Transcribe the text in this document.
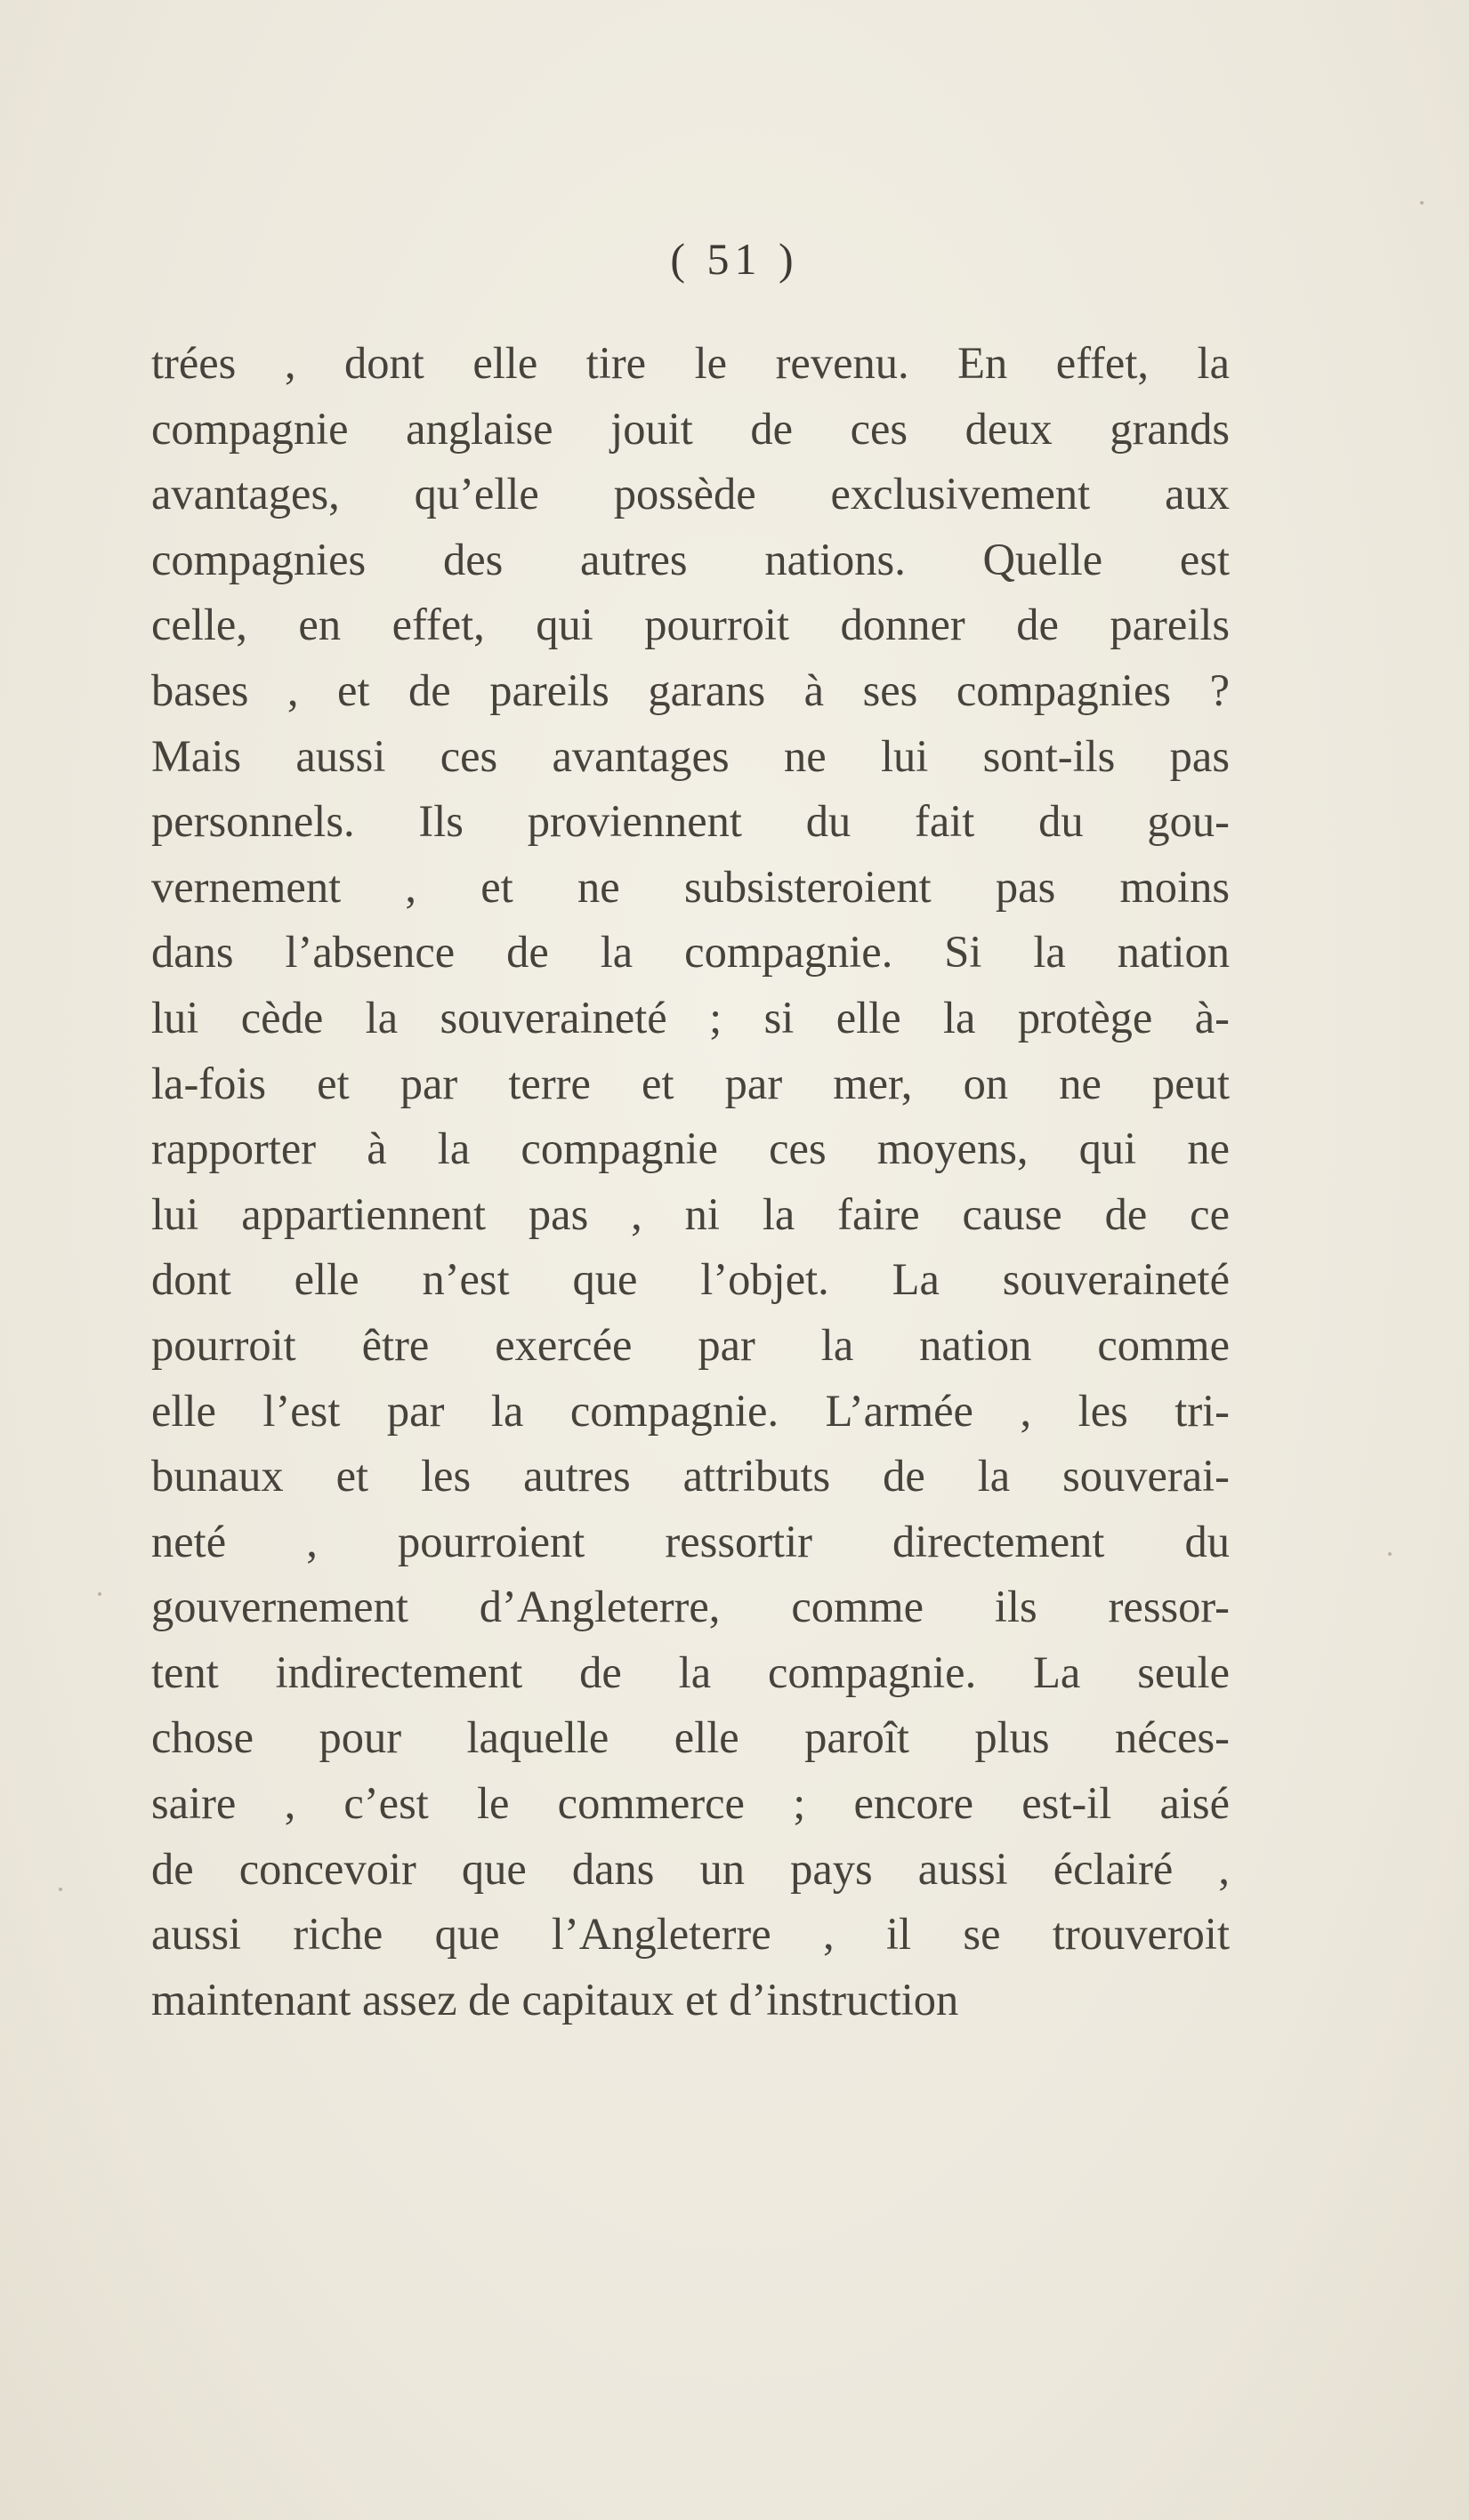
( 51 )
trées , dont elle tire le revenu. En effet, la
compagnie anglaise jouit de ces deux grands
avantages, qu’elle possède exclusivement aux
compagnies des autres nations. Quelle est
celle, en effet, qui pourroit donner de pareils
bases , et de pareils garans à ses compagnies ?
Mais aussi ces avantages ne lui sont-ils pas
personnels. Ils proviennent du fait du gou-
vernement , et ne subsisteroient pas moins
dans l’absence de la compagnie. Si la nation
lui cède la souveraineté ; si elle la protège à-
la-fois et par terre et par mer, on ne peut
rapporter à la compagnie ces moyens, qui ne
lui appartiennent pas , ni la faire cause de ce
dont elle n’est que l’objet. La souveraineté
pourroit être exercée par la nation comme
elle l’est par la compagnie. L’armée , les tri-
bunaux et les autres attributs de la souverai-
neté , pourroient ressortir directement du
gouvernement d’Angleterre, comme ils ressor-
tent indirectement de la compagnie. La seule
chose pour laquelle elle paroît plus néces-
saire , c’est le commerce ; encore est-il aisé
de concevoir que dans un pays aussi éclairé ,
aussi riche que l’Angleterre , il se trouveroit
maintenant assez de capitaux et d’instruction
